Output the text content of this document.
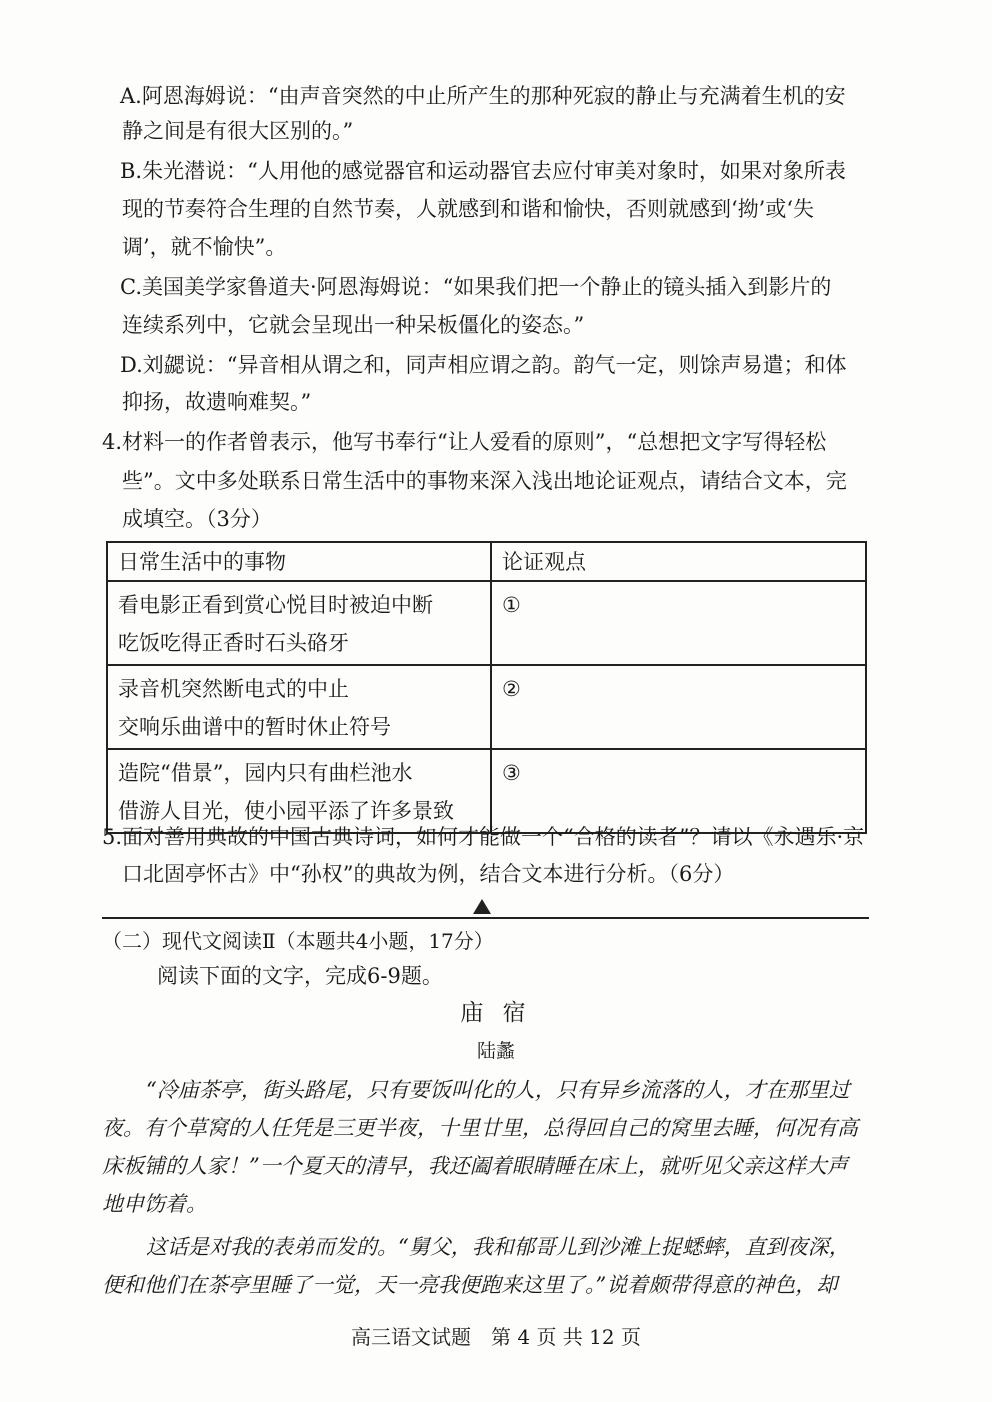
A.阿恩海姆说：“由声音突然的中止所产生的那种死寂的静止与充满着生机的安
静之间是有很大区别的。”
B.朱光潜说：“人用他的感觉器官和运动器官去应付审美对象时，如果对象所表
现的节奏符合生理的自然节奏，人就感到和谐和愉快，否则就感到‘拗’或‘失
调’，就不愉快”。
C.美国美学家鲁道夫·阿恩海姆说：“如果我们把一个静止的镜头插入到影片的
连续系列中，它就会呈现出一种呆板僵化的姿态。”
D.刘勰说：“异音相从谓之和，同声相应谓之韵。韵气一定，则馀声易遣；和体
抑扬，故遗响难契。”
4.材料一的作者曾表示，他写书奉行“让人爱看的原则”，“总想把文字写得轻松
些”。文中多处联系日常生活中的事物来深入浅出地论证观点，请结合文本，完
成填空。（3分）
日常生活中的事物	论证观点

看电影正看到赏心悦目时被迫中断
吃饭吃得正香时石头硌牙	①

录音机突然断电式的中止
交响乐曲谱中的暂时休止符号	②

造院“借景”，园内只有曲栏池水
借游人目光，使小园平添了许多景致	③
5.面对善用典故的中国古典诗词，如何才能做一个“合格的读者”？请以《永遇乐·京
口北固亭怀古》中“孙权”的典故为例，结合文本进行分析。（6分）
（二）现代文阅读Ⅱ（本题共4小题，17分）
阅读下面的文字，完成6-9题。
庙 宿
陆蠡
“冷庙茶亭，街头路尾，只有要饭叫化的人，只有异乡流落的人，才在那里过
夜。有个草窝的人任凭是三更半夜，十里廿里，总得回自己的窝里去睡，何况有高
床板铺的人家！”一个夏天的清早，我还阖着眼睛睡在床上，就听见父亲这样大声
地申饬着。
这话是对我的表弟而发的。“舅父，我和郁哥儿到沙滩上捉蟋蟀，直到夜深，
便和他们在茶亭里睡了一觉，天一亮我便跑来这里了。”说着颇带得意的神色，却
高三语文试题　第 4 页 共 12 页
